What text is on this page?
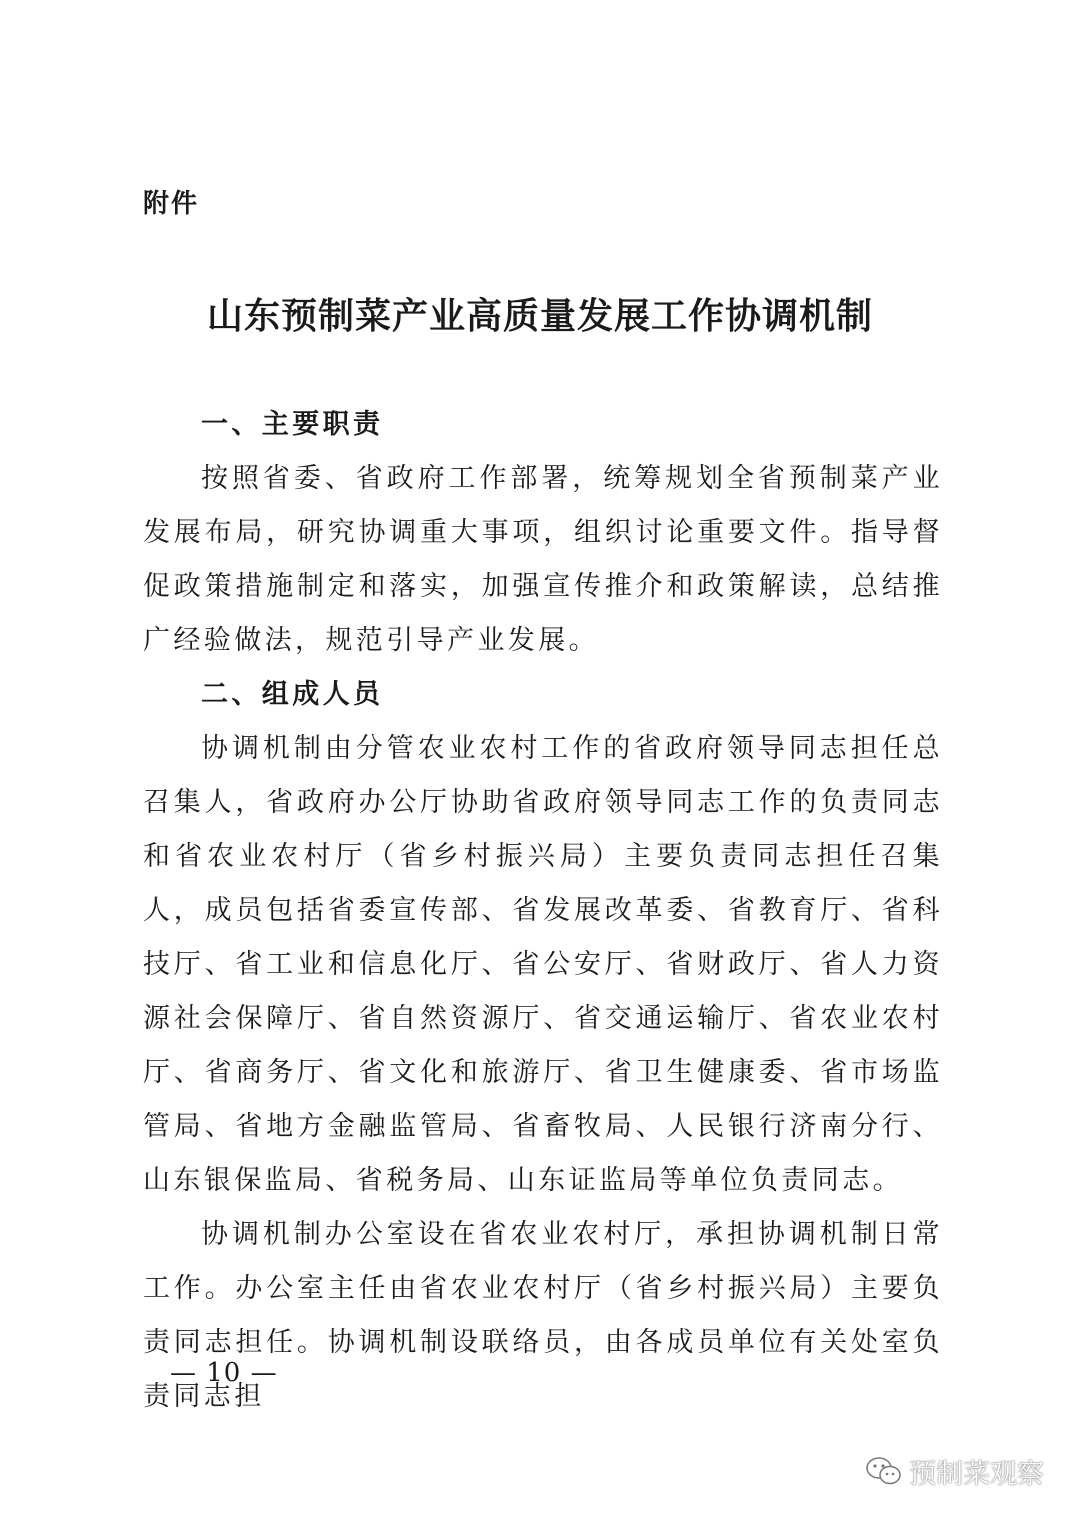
附件
山东预制菜产业高质量发展工作协调机制

一、主要职责

按照省委、省政府工作部署，统筹规划全省预制菜产业发展布局，研究协调重大事项，组织讨论重要文件。指导督促政策措施制定和落实，加强宣传推介和政策解读，总结推广经验做法，规范引导产业发展。

二、组成人员

协调机制由分管农业农村工作的省政府领导同志担任总召集人，省政府办公厅协助省政府领导同志工作的负责同志和省农业农村厅（省乡村振兴局）主要负责同志担任召集人，成员包括省委宣传部、省发展改革委、省教育厅、省科技厅、省工业和信息化厅、省公安厅、省财政厅、省人力资源社会保障厅、省自然资源厅、省交通运输厅、省农业农村厅、省商务厅、省文化和旅游厅、省卫生健康委、省市场监管局、省地方金融监管局、省畜牧局、人民银行济南分行、山东银保监局、省税务局、山东证监局等单位负责同志。

协调机制办公室设在省农业农村厅，承担协调机制日常工作。办公室主任由省农业农村厅（省乡村振兴局）主要负责同志担任。协调机制设联络员，由各成员单位有关处室负责同志担

— 10 —
预制菜观察
